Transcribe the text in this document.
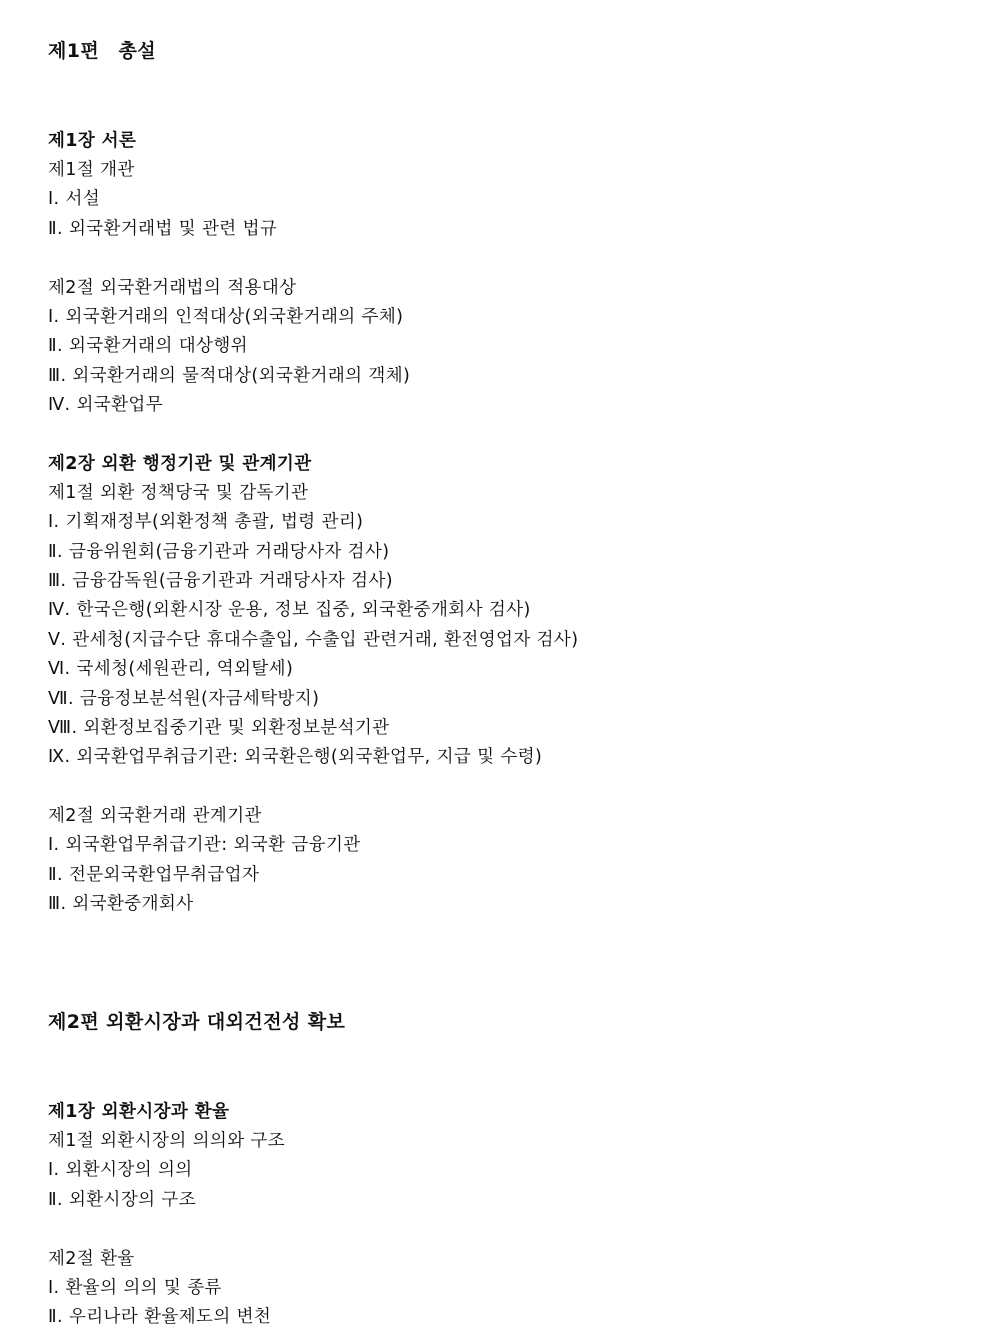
제1편　총설
제1장 서론
제1절 개관
Ⅰ. 서설
Ⅱ. 외국환거래법 및 관련 법규
제2절 외국환거래법의 적용대상
Ⅰ. 외국환거래의 인적대상(외국환거래의 주체)
Ⅱ. 외국환거래의 대상행위
Ⅲ. 외국환거래의 물적대상(외국환거래의 객체)
Ⅳ. 외국환업무
제2장 외환 행정기관 및 관계기관
제1절 외환 정책당국 및 감독기관
Ⅰ. 기획재정부(외환정책 총괄, 법령 관리)
Ⅱ. 금융위원회(금융기관과 거래당사자 검사)
Ⅲ. 금융감독원(금융기관과 거래당사자 검사)
Ⅳ. 한국은행(외환시장 운용, 정보 집중, 외국환중개회사 검사)
Ⅴ. 관세청(지급수단 휴대수출입, 수출입 관련거래, 환전영업자 검사)
Ⅵ. 국세청(세원관리, 역외탈세)
Ⅶ. 금융정보분석원(자금세탁방지)
Ⅷ. 외환정보집중기관 및 외환정보분석기관
Ⅸ. 외국환업무취급기관: 외국환은행(외국환업무, 지급 및 수령)
제2절 외국환거래 관계기관
Ⅰ. 외국환업무취급기관: 외국환 금융기관
Ⅱ. 전문외국환업무취급업자
Ⅲ. 외국환중개회사
제2편 외환시장과 대외건전성 확보
제1장 외환시장과 환율
제1절 외환시장의 의의와 구조
Ⅰ. 외환시장의 의의
Ⅱ. 외환시장의 구조
제2절 환율
Ⅰ. 환율의 의의 및 종류
Ⅱ. 우리나라 환율제도의 변천
